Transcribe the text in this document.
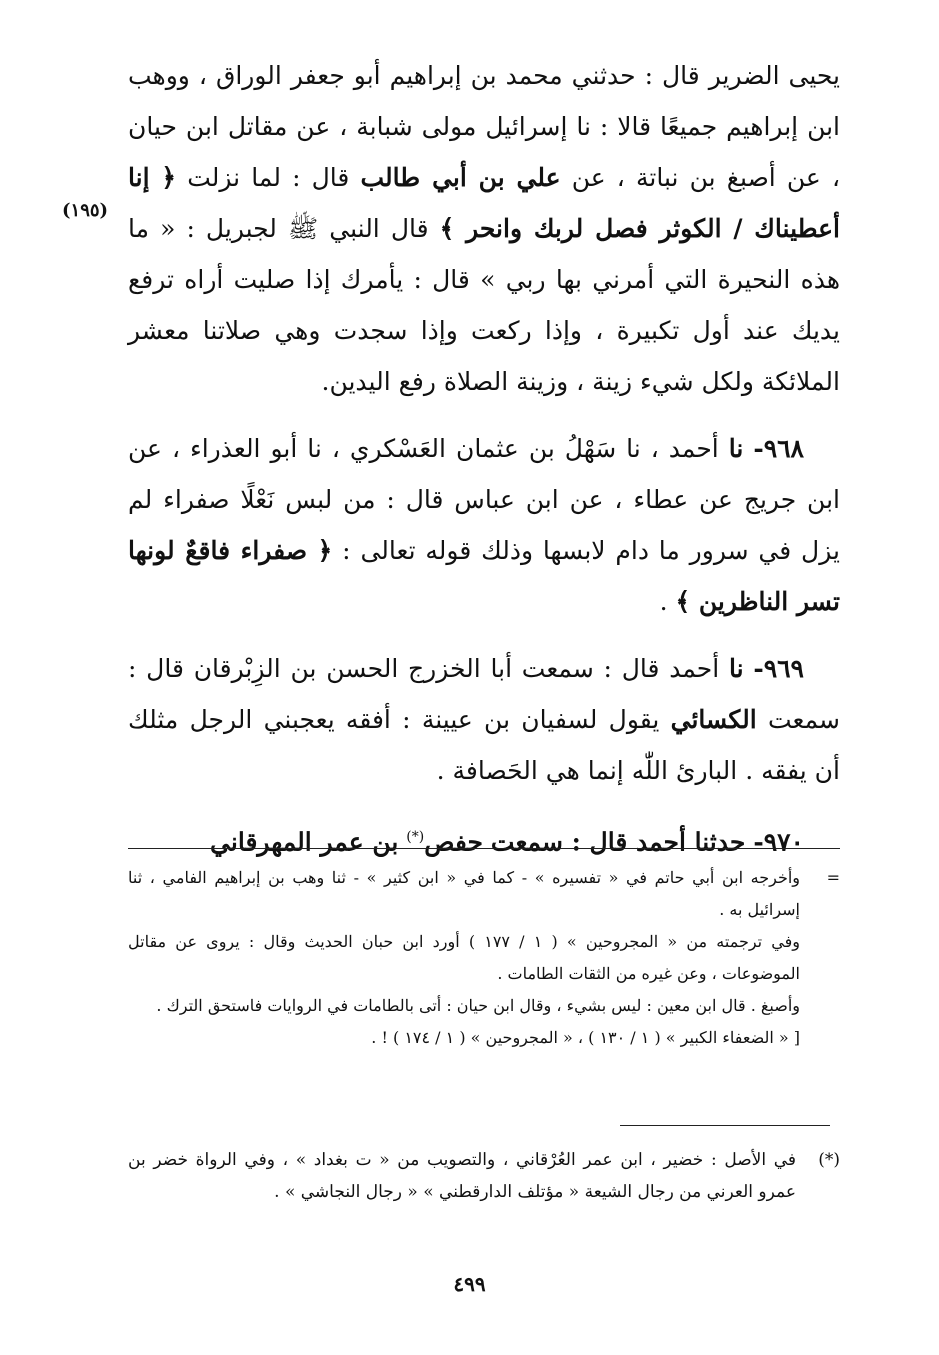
يحيى الضرير قال : حدثني محمد بن إبراهيم أبو جعفر الوراق ، ووهب ابن إبراهيم جميعًا قالا : نا إسرائيل مولى شبابة ، عن مقاتل ابن حيان ، عن أصبغ بن نباتة ، عن علي بن أبي طالب قال : لما نزلت ﴿ إنا أعطيناك / الكوثر فصل لربك وانحر ﴾ قال النبي ﷺ لجبريل : « ما هذه النحيرة التي أمرني بها ربي » قال : يأمرك إذا صليت أراه ترفع يديك عند أول تكبيرة ، وإذا ركعت وإذا سجدت وهي صلاتنا معشر الملائكة ولكل شيء زينة ، وزينة الصلاة رفع اليدين.

٩٦٨- نا أحمد ، نا سَهْلُ بن عثمان العَسْكري ، نا أبو العذراء ، عن ابن جريج عن عطاء ، عن ابن عباس قال : من لبس نَعْلًا صفراء لم يزل في سرور ما دام لابسها وذلك قوله تعالى : ﴿ صفراء فاقعٌ لونها تسر الناظرين ﴾ .

٩٦٩- نا أحمد قال : سمعت أبا الخزرج الحسن بن الزِبْرقان قال : سمعت الكسائي يقول لسفيان بن عيينة : أفقه يعجبني الرجل مثلك أن يفقه . البارئ اللّٰه إنما هي الحَصافة .

٩٧٠- حدثنا أحمد قال : سمعت حفص(*) بن عمر المهرقاني

(١٩٥)

=
وأخرجه ابن أبي حاتم في « تفسيره » - كما في « ابن كثير » - ثنا وهب بن إبراهيم الفامي ، ثنا إسرائيل به .

وفي ترجمته من « المجروحين » ( ١ / ١٧٧ ) أورد ابن حبان الحديث وقال : يروى عن مقاتل الموضوعات ، وعن غيره من الثقات الطامات .

وأصبغ . قال ابن معين : ليس بشيء ، وقال ابن حيان : أتى بالطامات في الروايات فاستحق الترك .

[ « الضعفاء الكبير » ( ١ / ١٣٠ ) ، « المجروحين » ( ١ / ١٧٤ ) ! .

(*)
في الأصل : خضير ، ابن عمر العُرْقاني ، والتصويب من « ت بغداد » ، وفي الرواة خضر بن عمرو العرني من رجال الشيعة « مؤتلف الدارقطني » « رجال النجاشي » .

٤٩٩
